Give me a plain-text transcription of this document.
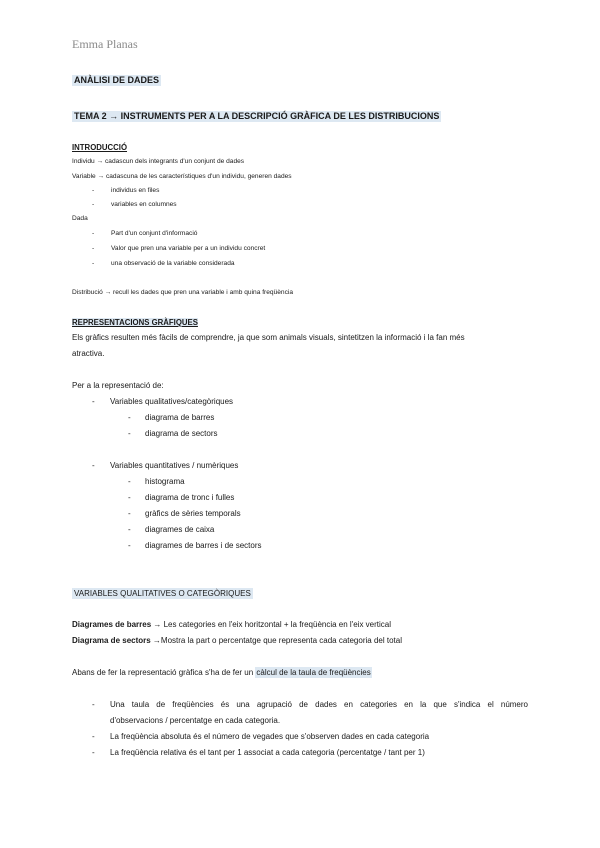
Emma Planas
ANÀLISI DE DADES
TEMA 2 → INSTRUMENTS PER A LA DESCRIPCIÓ GRÀFICA DE LES DISTRIBUCIONS
INTRODUCCIÓ
Individu → cadascun dels integrants d'un conjunt de dades
Variable → cadascuna de les característiques d'un individu, generen dades
-	individus en files
-	variables en columnes
Dada
-	Part d'un conjunt d'informació
-	Valor que pren una variable per a un individu concret
-	una observació de la variable considerada
Distribució → recull les dades que pren una variable i amb quina freqüència
REPRESENTACIONS GRÀFIQUES
Els gràfics resulten més fàcils de comprendre, ja que som animals visuals, sintetitzen la informació i la fan més
atractiva.
Per a la representació de:
- Variables qualitatives/categòriques
- diagrama de barres
- diagrama de sectors
- Variables quantitatives / numèriques
- histograma
- diagrama de tronc i fulles
- gràfics de sèries temporals
- diagrames de caixa
- diagrames de barres i de sectors
VARIABLES QUALITATIVES O CATEGÒRIQUES
Diagrames de barres → Les categories en l'eix horitzontal + la freqüència en l'eix vertical
Diagrama de sectors →Mostra la part o percentatge que representa cada categoria del total
Abans de fer la representació gràfica s'ha de fer un càlcul de la taula de freqüències
- Una taula de freqüències és una agrupació de dades en categories en la que s'indica el número
d'observacions / percentatge en cada categoria.
- La freqüència absoluta és el número de vegades que s'observen dades en cada categoria
- La freqüència relativa és el tant per 1 associat a cada categoria (percentatge / tant per 1)
